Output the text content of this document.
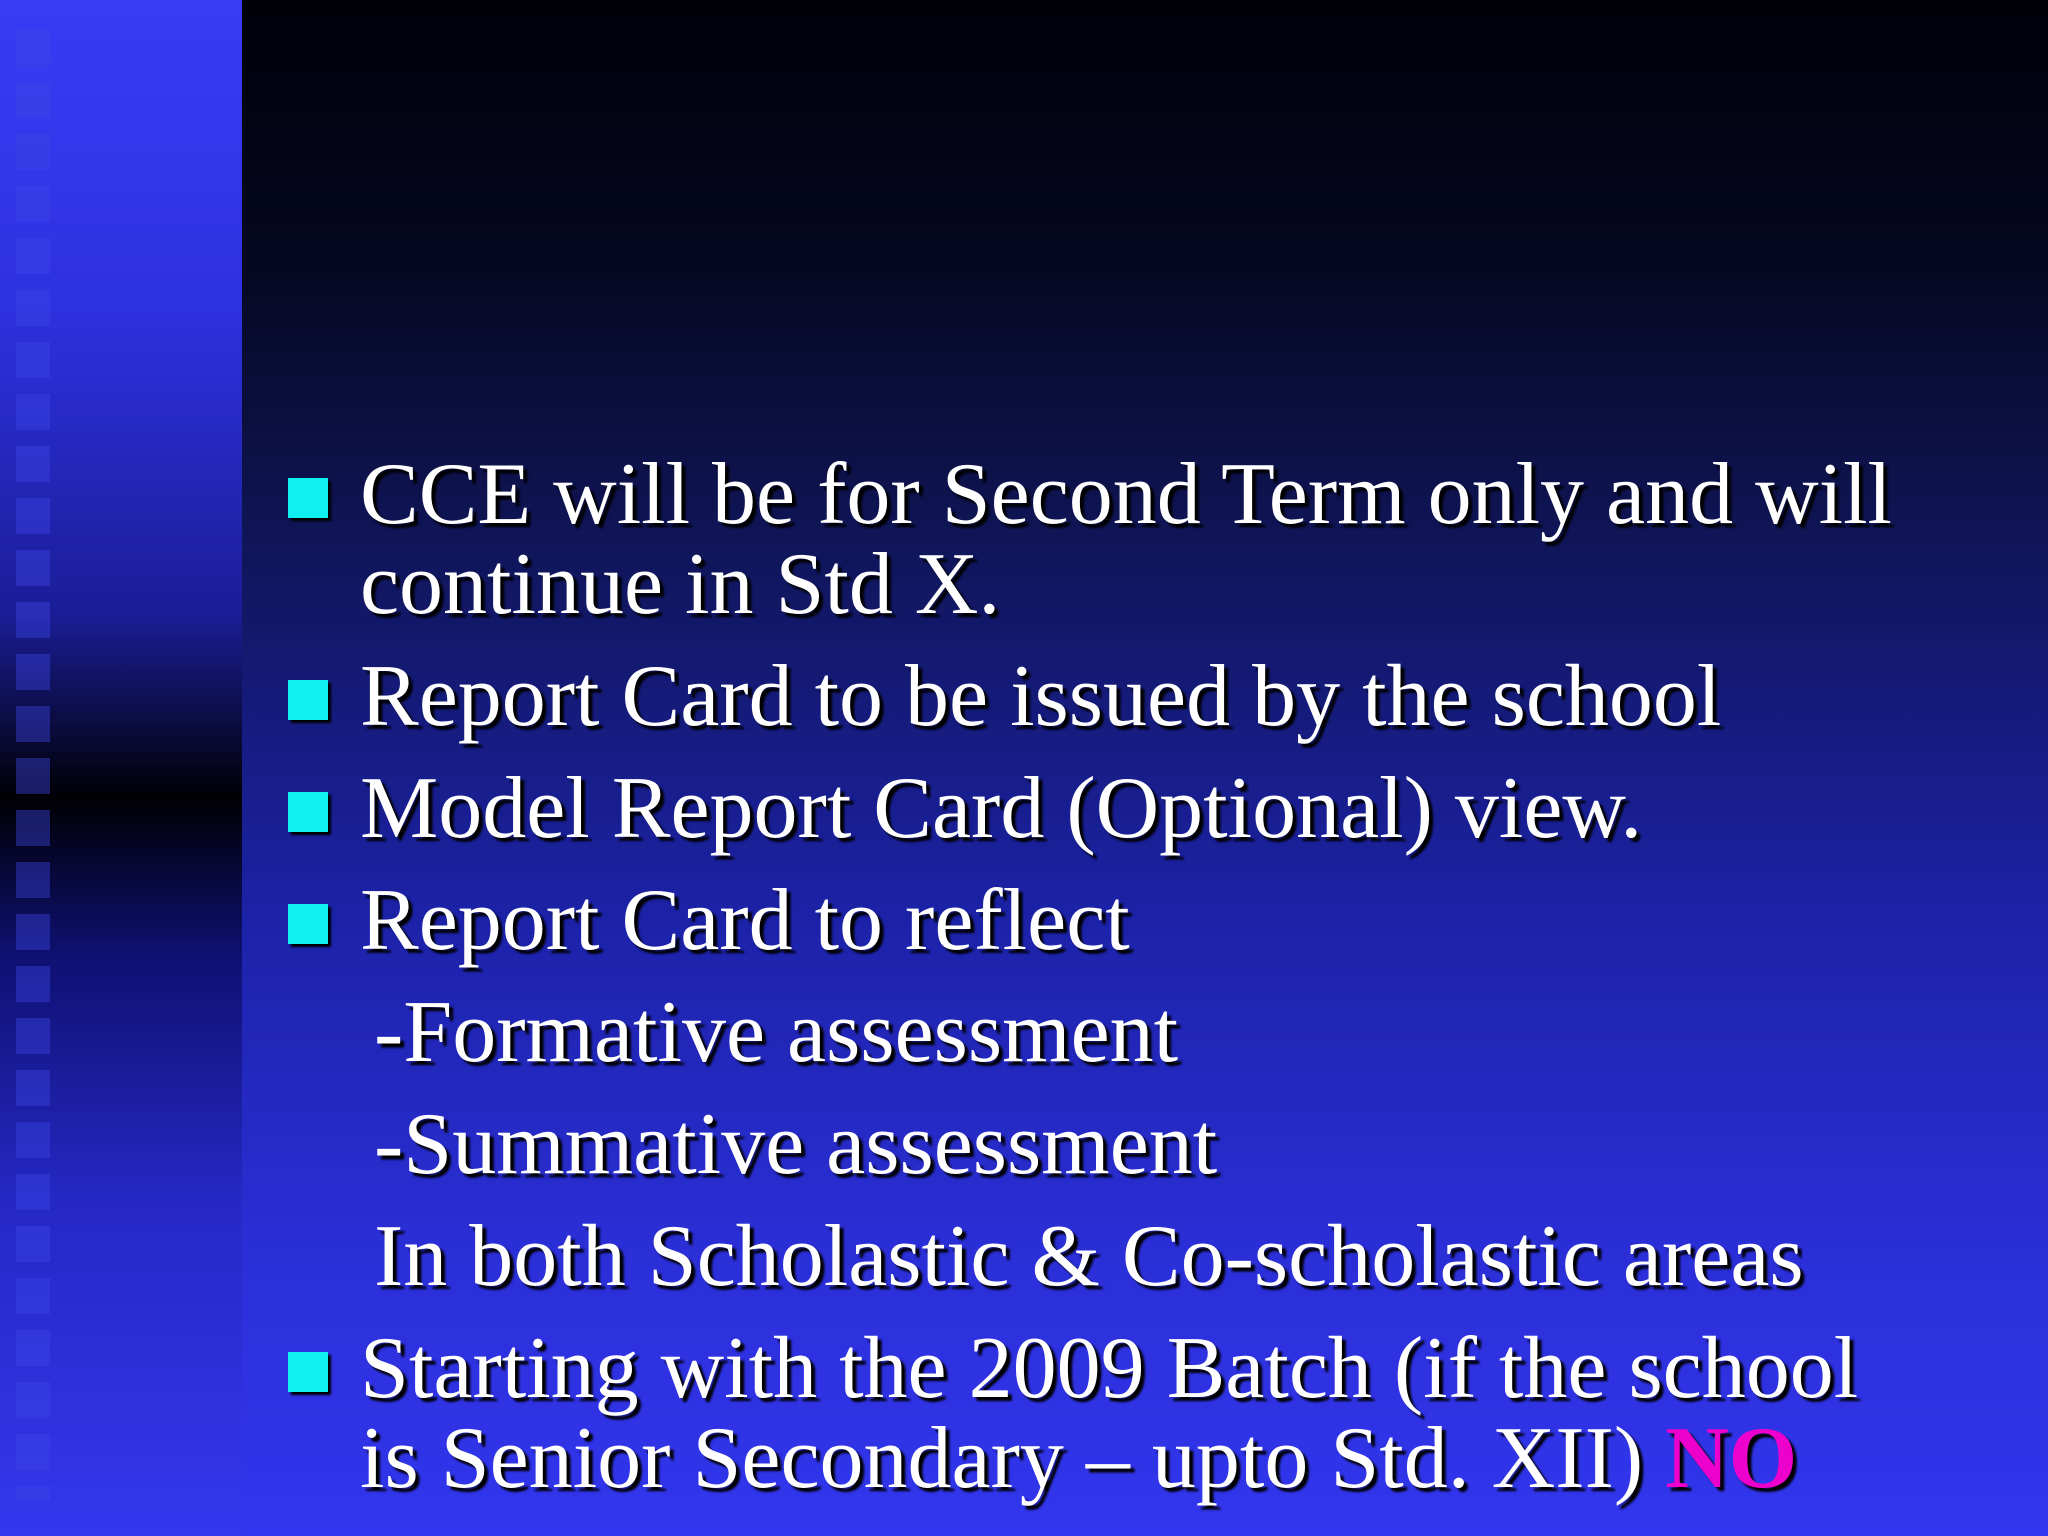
CCE will be for Second Term only and will
continue in Std X.
Report Card to be issued by the school
Model Report Card (Optional) view.
Report Card to reflect
-Formative assessment
-Summative assessment
In both Scholastic & Co-scholastic areas
Starting with the 2009 Batch (if the school
is Senior Secondary – upto Std. XII) NO
